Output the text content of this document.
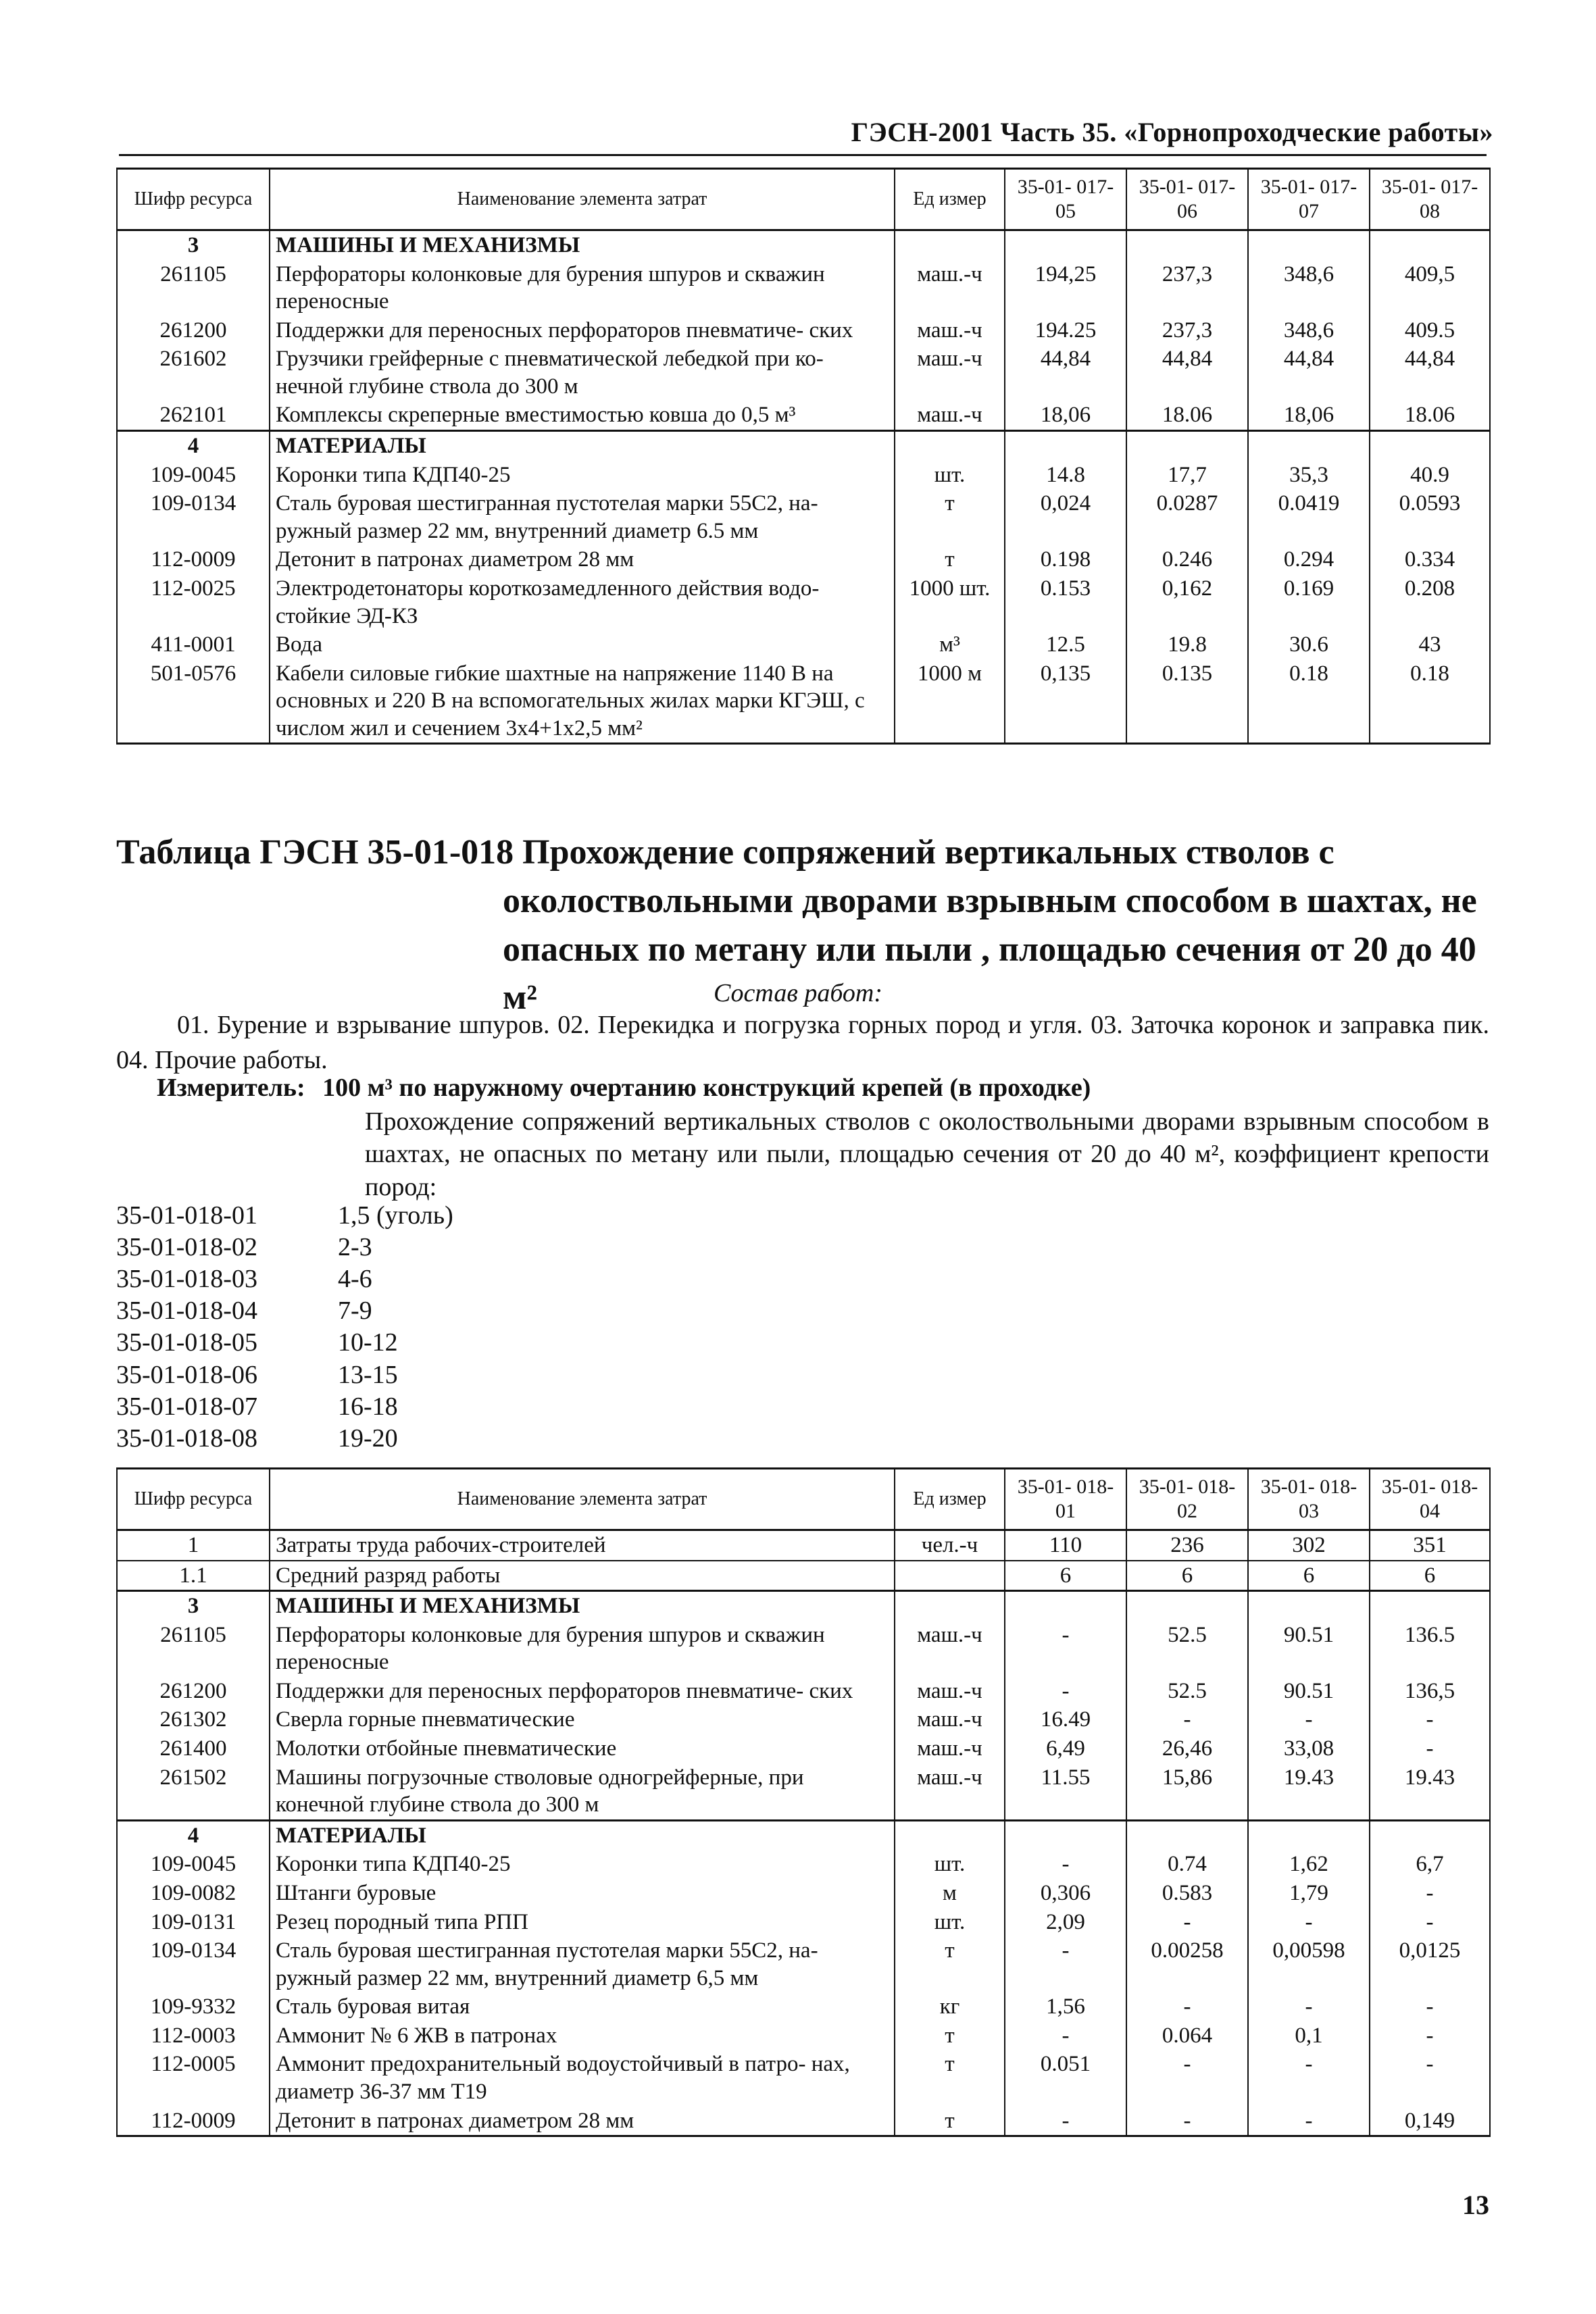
ГЭСН-2001 Часть 35. «Горнопроходческие работы»
Шифр ресурса	Наименование элемента затрат	Ед измер	35-01- 017-05	35-01- 017-06	35-01- 017-07	35-01- 017-08
3	МАШИНЫ И МЕХАНИЗМЫ					
261105	Перфораторы колонковые для бурения шпуров и скважин переносные	маш.-ч	194,25	237,3	348,6	409,5
261200	Поддержки для переносных перфораторов пневматиче- ских	маш.-ч	194.25	237,3	348,6	409.5
261602	Грузчики грейферные с пневматической лебедкой при ко- нечной глубине ствола до 300 м	маш.-ч	44,84	44,84	44,84	44,84
262101	Комплексы скреперные вместимостью ковша до 0,5 м³	маш.-ч	18,06	18.06	18,06	18.06
4	МАТЕРИАЛЫ					
109-0045	Коронки типа КДП40-25	шт.	14.8	17,7	35,3	40.9
109-0134	Сталь буровая шестигранная пустотелая марки 55С2, на- ружный размер 22 мм, внутренний диаметр 6.5 мм	т	0,024	0.0287	0.0419	0.0593
112-0009	Детонит в патронах диаметром 28 мм	т	0.198	0.246	0.294	0.334
112-0025	Электродетонаторы короткозамедленного действия водо- стойкие ЭД-КЗ	1000 шт.	0.153	0,162	0.169	0.208
411-0001	Вода	м³	12.5	19.8	30.6	43
501-0576	Кабели силовые гибкие шахтные на напряжение 1140 В на основных и 220 В на вспомогательных жилах марки КГЭШ, с числом жил и сечением 3х4+1х2,5 мм²	1000 м	0,135	0.135	0.18	0.18
Таблица ГЭСН 35-01-018 Прохождение сопряжений вертикальных стволов с
околоствольными дворами взрывным способом в шахтах, не
опасных по метану или пыли , площадью сечения от 20 до 40 м²	Состав работ:
01. Бурение и взрывание шпуров. 02. Перекидка и погрузка горных пород и угля. 03. Заточка коронок и заправка пик. 04. Прочие работы.
Измеритель: 100 м³ по наружному очертанию конструкций крепей (в проходке)
Прохождение сопряжений вертикальных стволов с околоствольными дворами взрывным способом в шахтах, не опасных по метану или пыли, площадью сечения от 20 до 40 м², коэффициент крепости пород:
35-01-018-01	1,5 (уголь)
35-01-018-02	2-3
35-01-018-03	4-6
35-01-018-04	7-9
35-01-018-05	10-12
35-01-018-06	13-15
35-01-018-07	16-18
35-01-018-08	19-20
Шифр ресурса	Наименование элемента затрат	Ед измер	35-01- 018-01	35-01- 018-02	35-01- 018-03	35-01- 018-04
1	Затраты труда рабочих-строителей	чел.-ч	110	236	302	351
1.1	Средний разряд работы		6	6	6	6
3	МАШИНЫ И МЕХАНИЗМЫ					
261105	Перфораторы колонковые для бурения шпуров и скважин переносные	маш.-ч	-	52.5	90.51	136.5
261200	Поддержки для переносных перфораторов пневматиче- ских	маш.-ч	-	52.5	90.51	136,5
261302	Сверла горные пневматические	маш.-ч	16.49	-	-	-
261400	Молотки отбойные пневматические	маш.-ч	6,49	26,46	33,08	-
261502	Машины погрузочные стволовые одногрейферные, при конечной глубине ствола до 300 м	маш.-ч	11.55	15,86	19.43	19.43
4	МАТЕРИАЛЫ					
109-0045	Коронки типа КДП40-25	шт.	-	0.74	1,62	6,7
109-0082	Штанги буровые	м	0,306	0.583	1,79	-
109-0131	Резец породный типа РПП	шт.	2,09	-	-	-
109-0134	Сталь буровая шестигранная пустотелая марки 55С2, на- ружный размер 22 мм, внутренний диаметр 6,5 мм	т	-	0.00258	0,00598	0,0125
109-9332	Сталь буровая витая	кг	1,56	-	-	-
112-0003	Аммонит № 6 ЖВ в патронах	т	-	0.064	0,1	-
112-0005	Аммонит предохранительный водоустойчивый в патро- нах, диаметр 36-37 мм Т19	т	0.051	-	-	-
112-0009	Детонит в патронах диаметром 28 мм	т	-	-	-	0,149
13
